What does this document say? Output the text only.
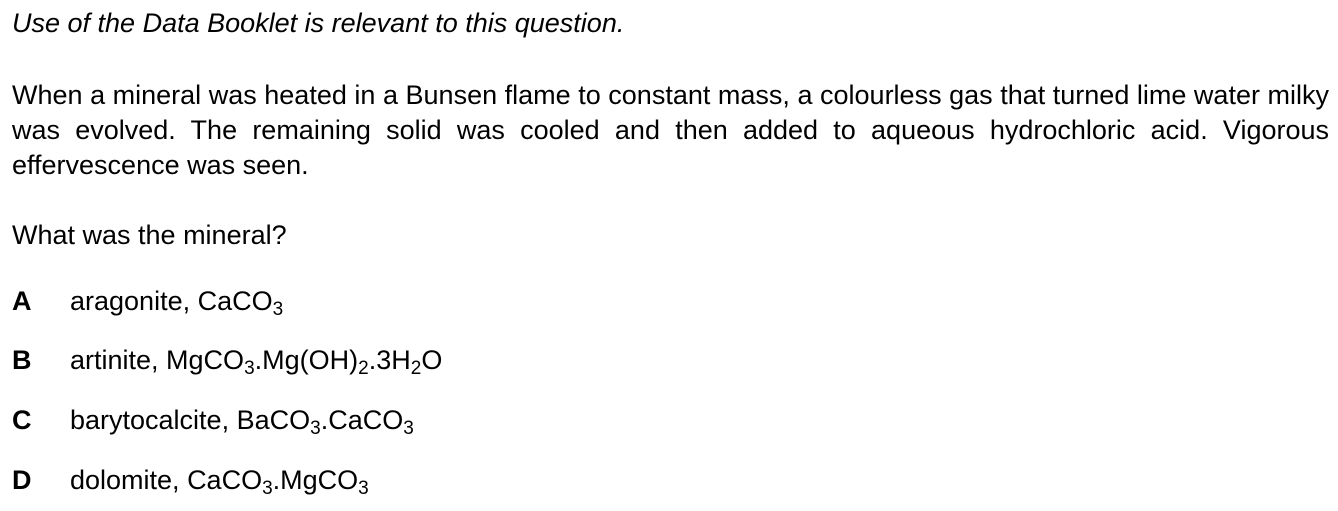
Use of the Data Booklet is relevant to this question.
When a mineral was heated in a Bunsen flame to constant mass, a colourless gas that turned lime water milky was evolved. The remaining solid was cooled and then added to aqueous hydrochloric acid. Vigorous effervescence was seen.
What was the mineral?
A aragonite, CaCO$_3$
B artinite, $MgCO_3.Mg(OH)_2.3H_2O$
C barytocalcite, BaCO$_3$.CaCO$_3$
D dolomite, CaCO$_3$.MgCO$_3$
